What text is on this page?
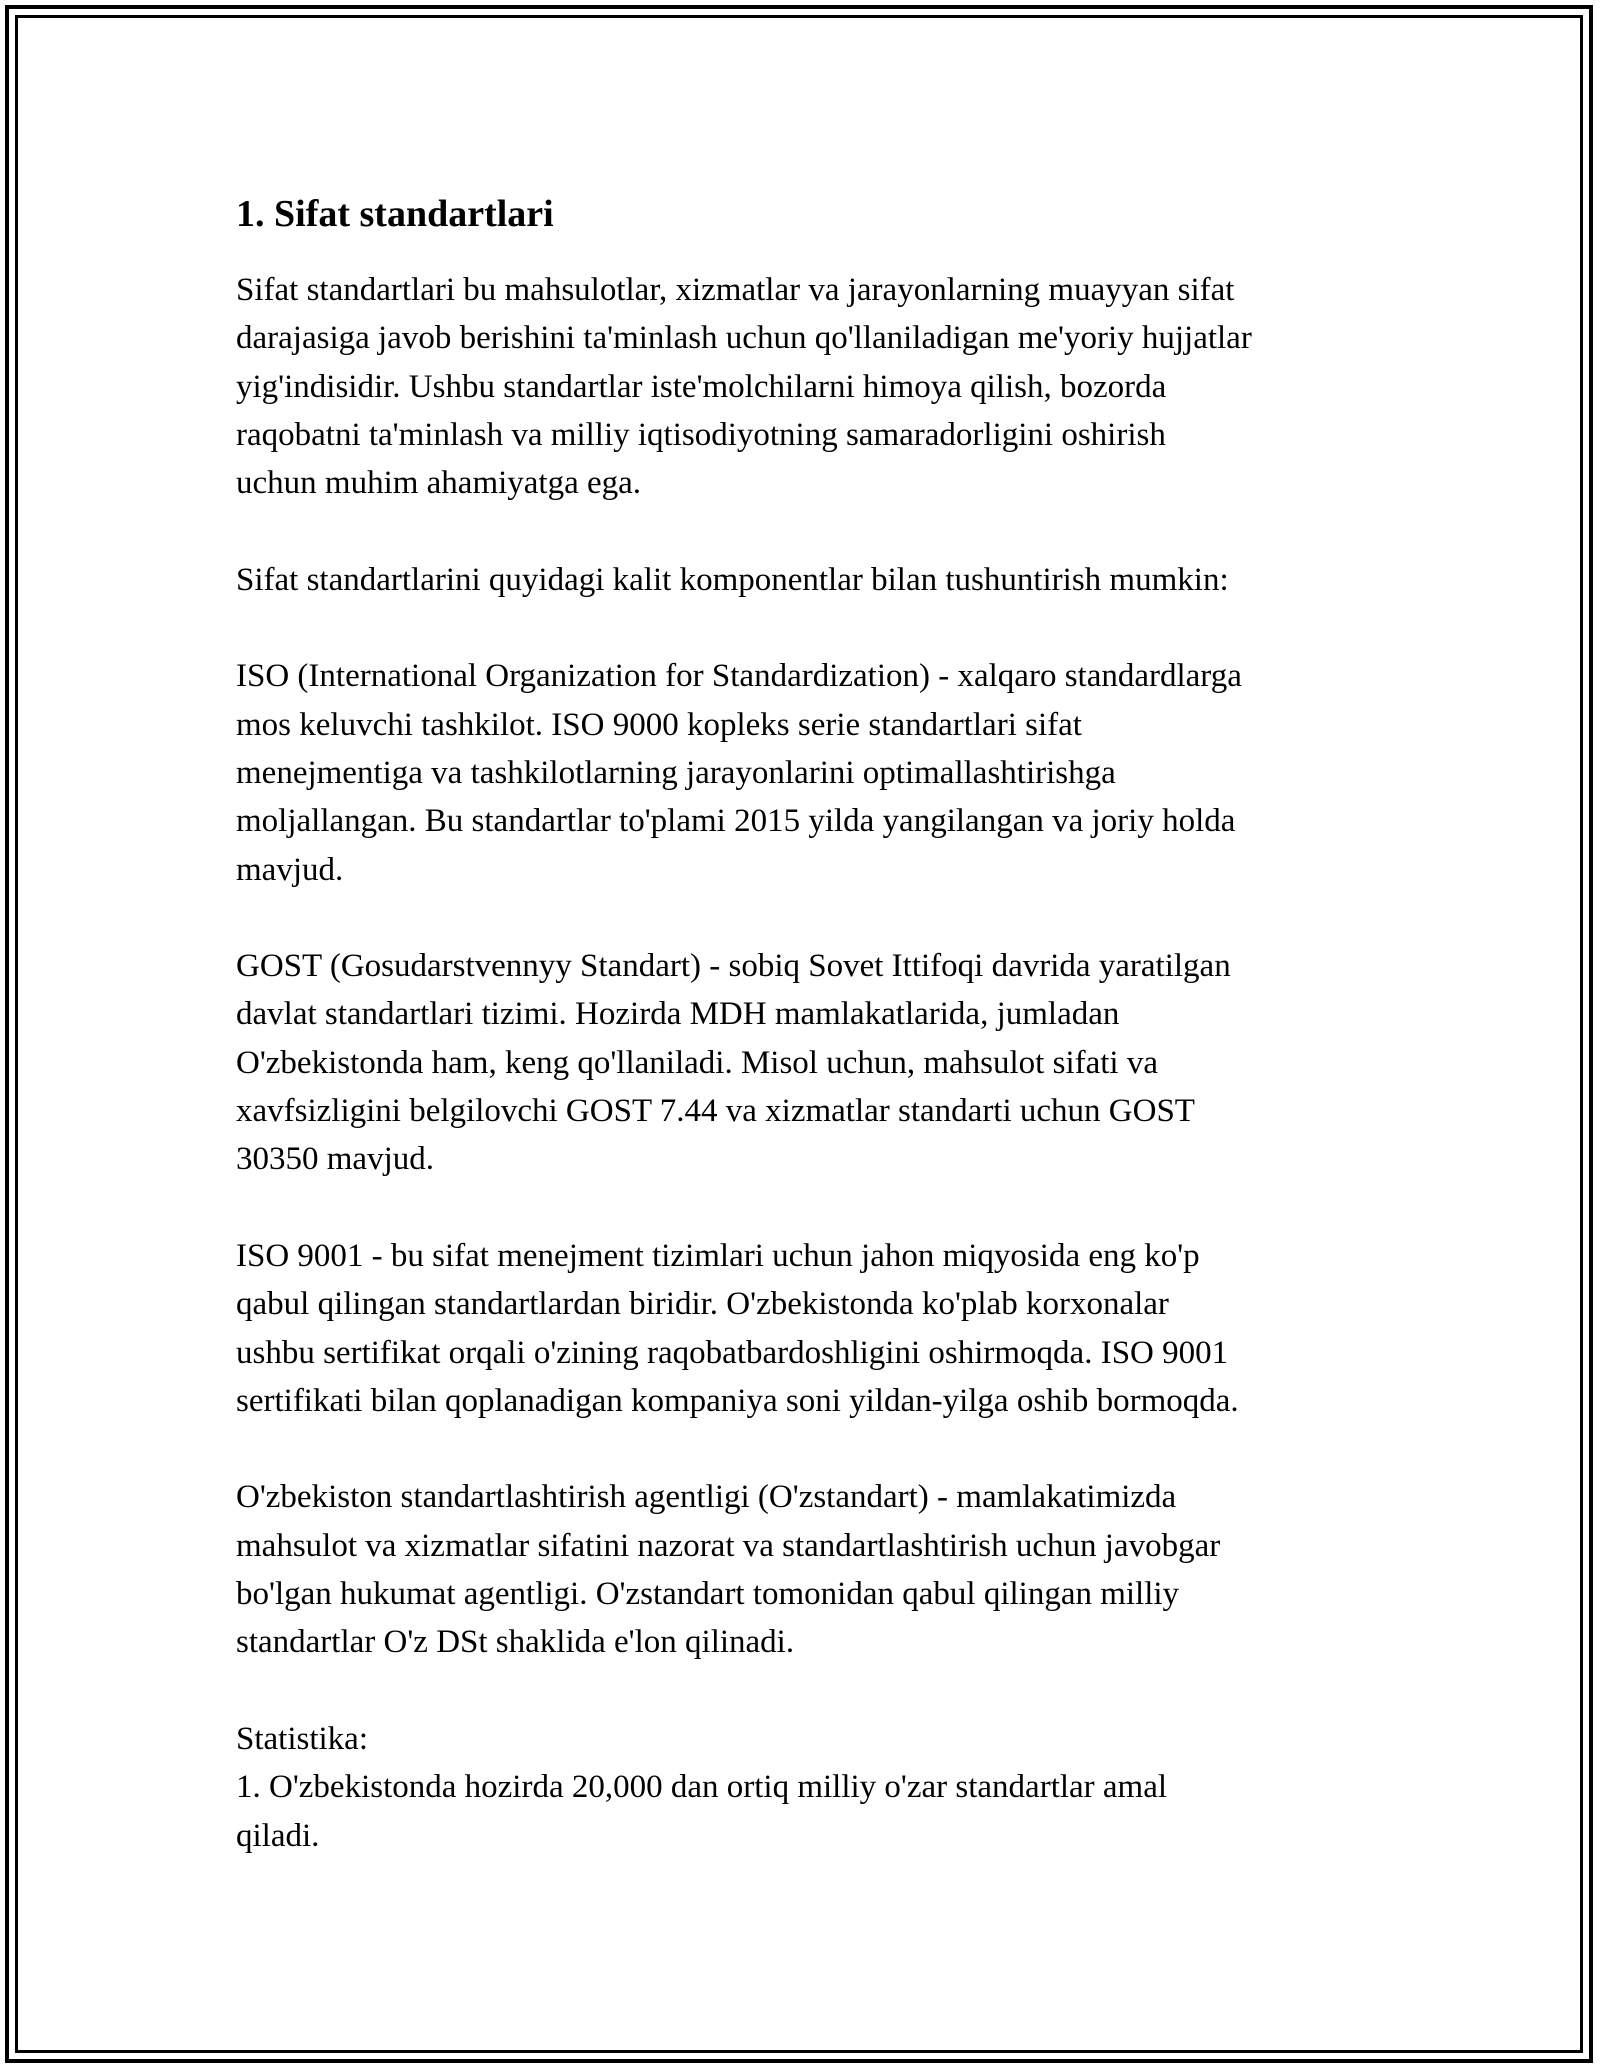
1. Sifat standartlari

Sifat standartlari bu mahsulotlar, xizmatlar va jarayonlarning muayyan sifat
darajasiga javob berishini ta'minlash uchun qo'llaniladigan me'yoriy hujjatlar
yig'indisidir. Ushbu standartlar iste'molchilarni himoya qilish, bozorda
raqobatni ta'minlash va milliy iqtisodiyotning samaradorligini oshirish
uchun muhim ahamiyatga ega.

Sifat standartlarini quyidagi kalit komponentlar bilan tushuntirish mumkin:

ISO (International Organization for Standardization) - xalqaro standardlarga
mos keluvchi tashkilot. ISO 9000 kopleks serie standartlari sifat
menejmentiga va tashkilotlarning jarayonlarini optimallashtirishga
moljallangan. Bu standartlar to'plami 2015 yilda yangilangan va joriy holda
mavjud.

GOST (Gosudarstvennyy Standart) - sobiq Sovet Ittifoqi davrida yaratilgan
davlat standartlari tizimi. Hozirda MDH mamlakatlarida, jumladan
O'zbekistonda ham, keng qo'llaniladi. Misol uchun, mahsulot sifati va
xavfsizligini belgilovchi GOST 7.44 va xizmatlar standarti uchun GOST
30350 mavjud.

ISO 9001 - bu sifat menejment tizimlari uchun jahon miqyosida eng ko'p
qabul qilingan standartlardan biridir. O'zbekistonda ko'plab korxonalar
ushbu sertifikat orqali o'zining raqobatbardoshligini oshirmoqda. ISO 9001
sertifikati bilan qoplanadigan kompaniya soni yildan-yilga oshib bormoqda.

O'zbekiston standartlashtirish agentligi (O'zstandart) - mamlakatimizda
mahsulot va xizmatlar sifatini nazorat va standartlashtirish uchun javobgar
bo'lgan hukumat agentligi. O'zstandart tomonidan qabul qilingan milliy
standartlar O'z DSt shaklida e'lon qilinadi.

Statistika:
1. O'zbekistonda hozirda 20,000 dan ortiq milliy o'zar standartlar amal
qiladi.
